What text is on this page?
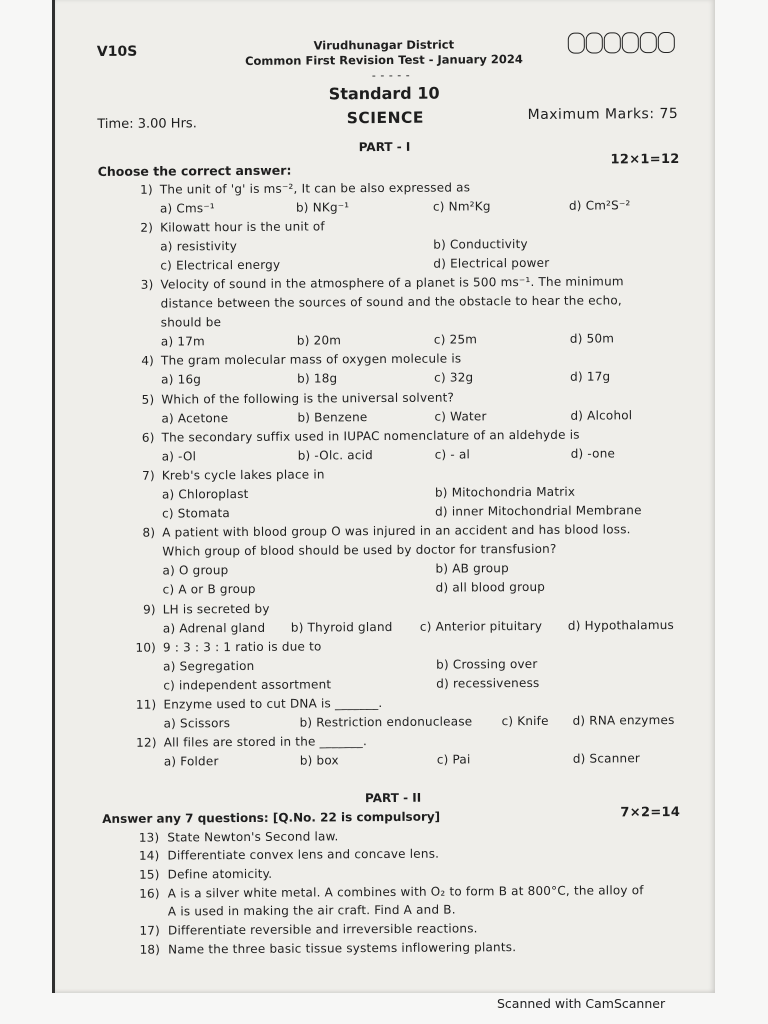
V10S	Virudhunagar District
Common First Revision Test - January 2024
- - - - -
Standard 10
Time: 3.00 Hrs.	SCIENCE	Maximum Marks: 75
PART - I
Choose the correct answer:
12×1=12
1) The unit of 'g' is ms⁻², It can be also expressed as
a) Cms⁻¹	b) NKg⁻¹	c) Nm²Kg	d) Cm²S⁻²
2) Kilowatt hour is the unit of
a) resistivity	b) Conductivity
c) Electrical energy	d) Electrical power
3) Velocity of sound in the atmosphere of a planet is 500 ms⁻¹. The minimum
distance between the sources of sound and the obstacle to hear the echo,
should be
a) 17m	b) 20m	c) 25m	d) 50m
4) The gram molecular mass of oxygen molecule is
a) 16g	b) 18g	c) 32g	d) 17g
5) Which of the following is the universal solvent?
a) Acetone	b) Benzene	c) Water	d) Alcohol
6) The secondary suffix used in IUPAC nomenclature of an aldehyde is
a) -Ol	b) -Olc. acid	c) - al	d) -one
7) Kreb's cycle lakes place in
a) Chloroplast	b) Mitochondria Matrix
c) Stomata	d) inner Mitochondrial Membrane
8) A patient with blood group O was injured in an accident and has blood loss.
Which group of blood should be used by doctor for transfusion?
a) O group	b) AB group
c) A or B group	d) all blood group
9) LH is secreted by
a) Adrenal gland b) Thyroid gland c) Anterior pituitary d) Hypothalamus
10) 9 : 3 : 3 : 1 ratio is due to
a) Segregation	b) Crossing over
c) independent assortment	d) recessiveness
11) Enzyme used to cut DNA is _______.
a) Scissors	b) Restriction endonuclease c) Knife d) RNA enzymes
12) All files are stored in the _______.
a) Folder	b) box	c) Pai	d) Scanner
PART - II
Answer any 7 questions: [Q.No. 22 is compulsory]	7×2=14
13) State Newton's Second law.
14) Differentiate convex lens and concave lens.
15) Define atomicity.
16) A is a silver white metal. A combines with O₂ to form B at 800°C, the alloy of
A is used in making the air craft. Find A and B.
17) Differentiate reversible and irreversible reactions.
18) Name the three basic tissue systems inflowering plants.
Scanned with CamScanner
